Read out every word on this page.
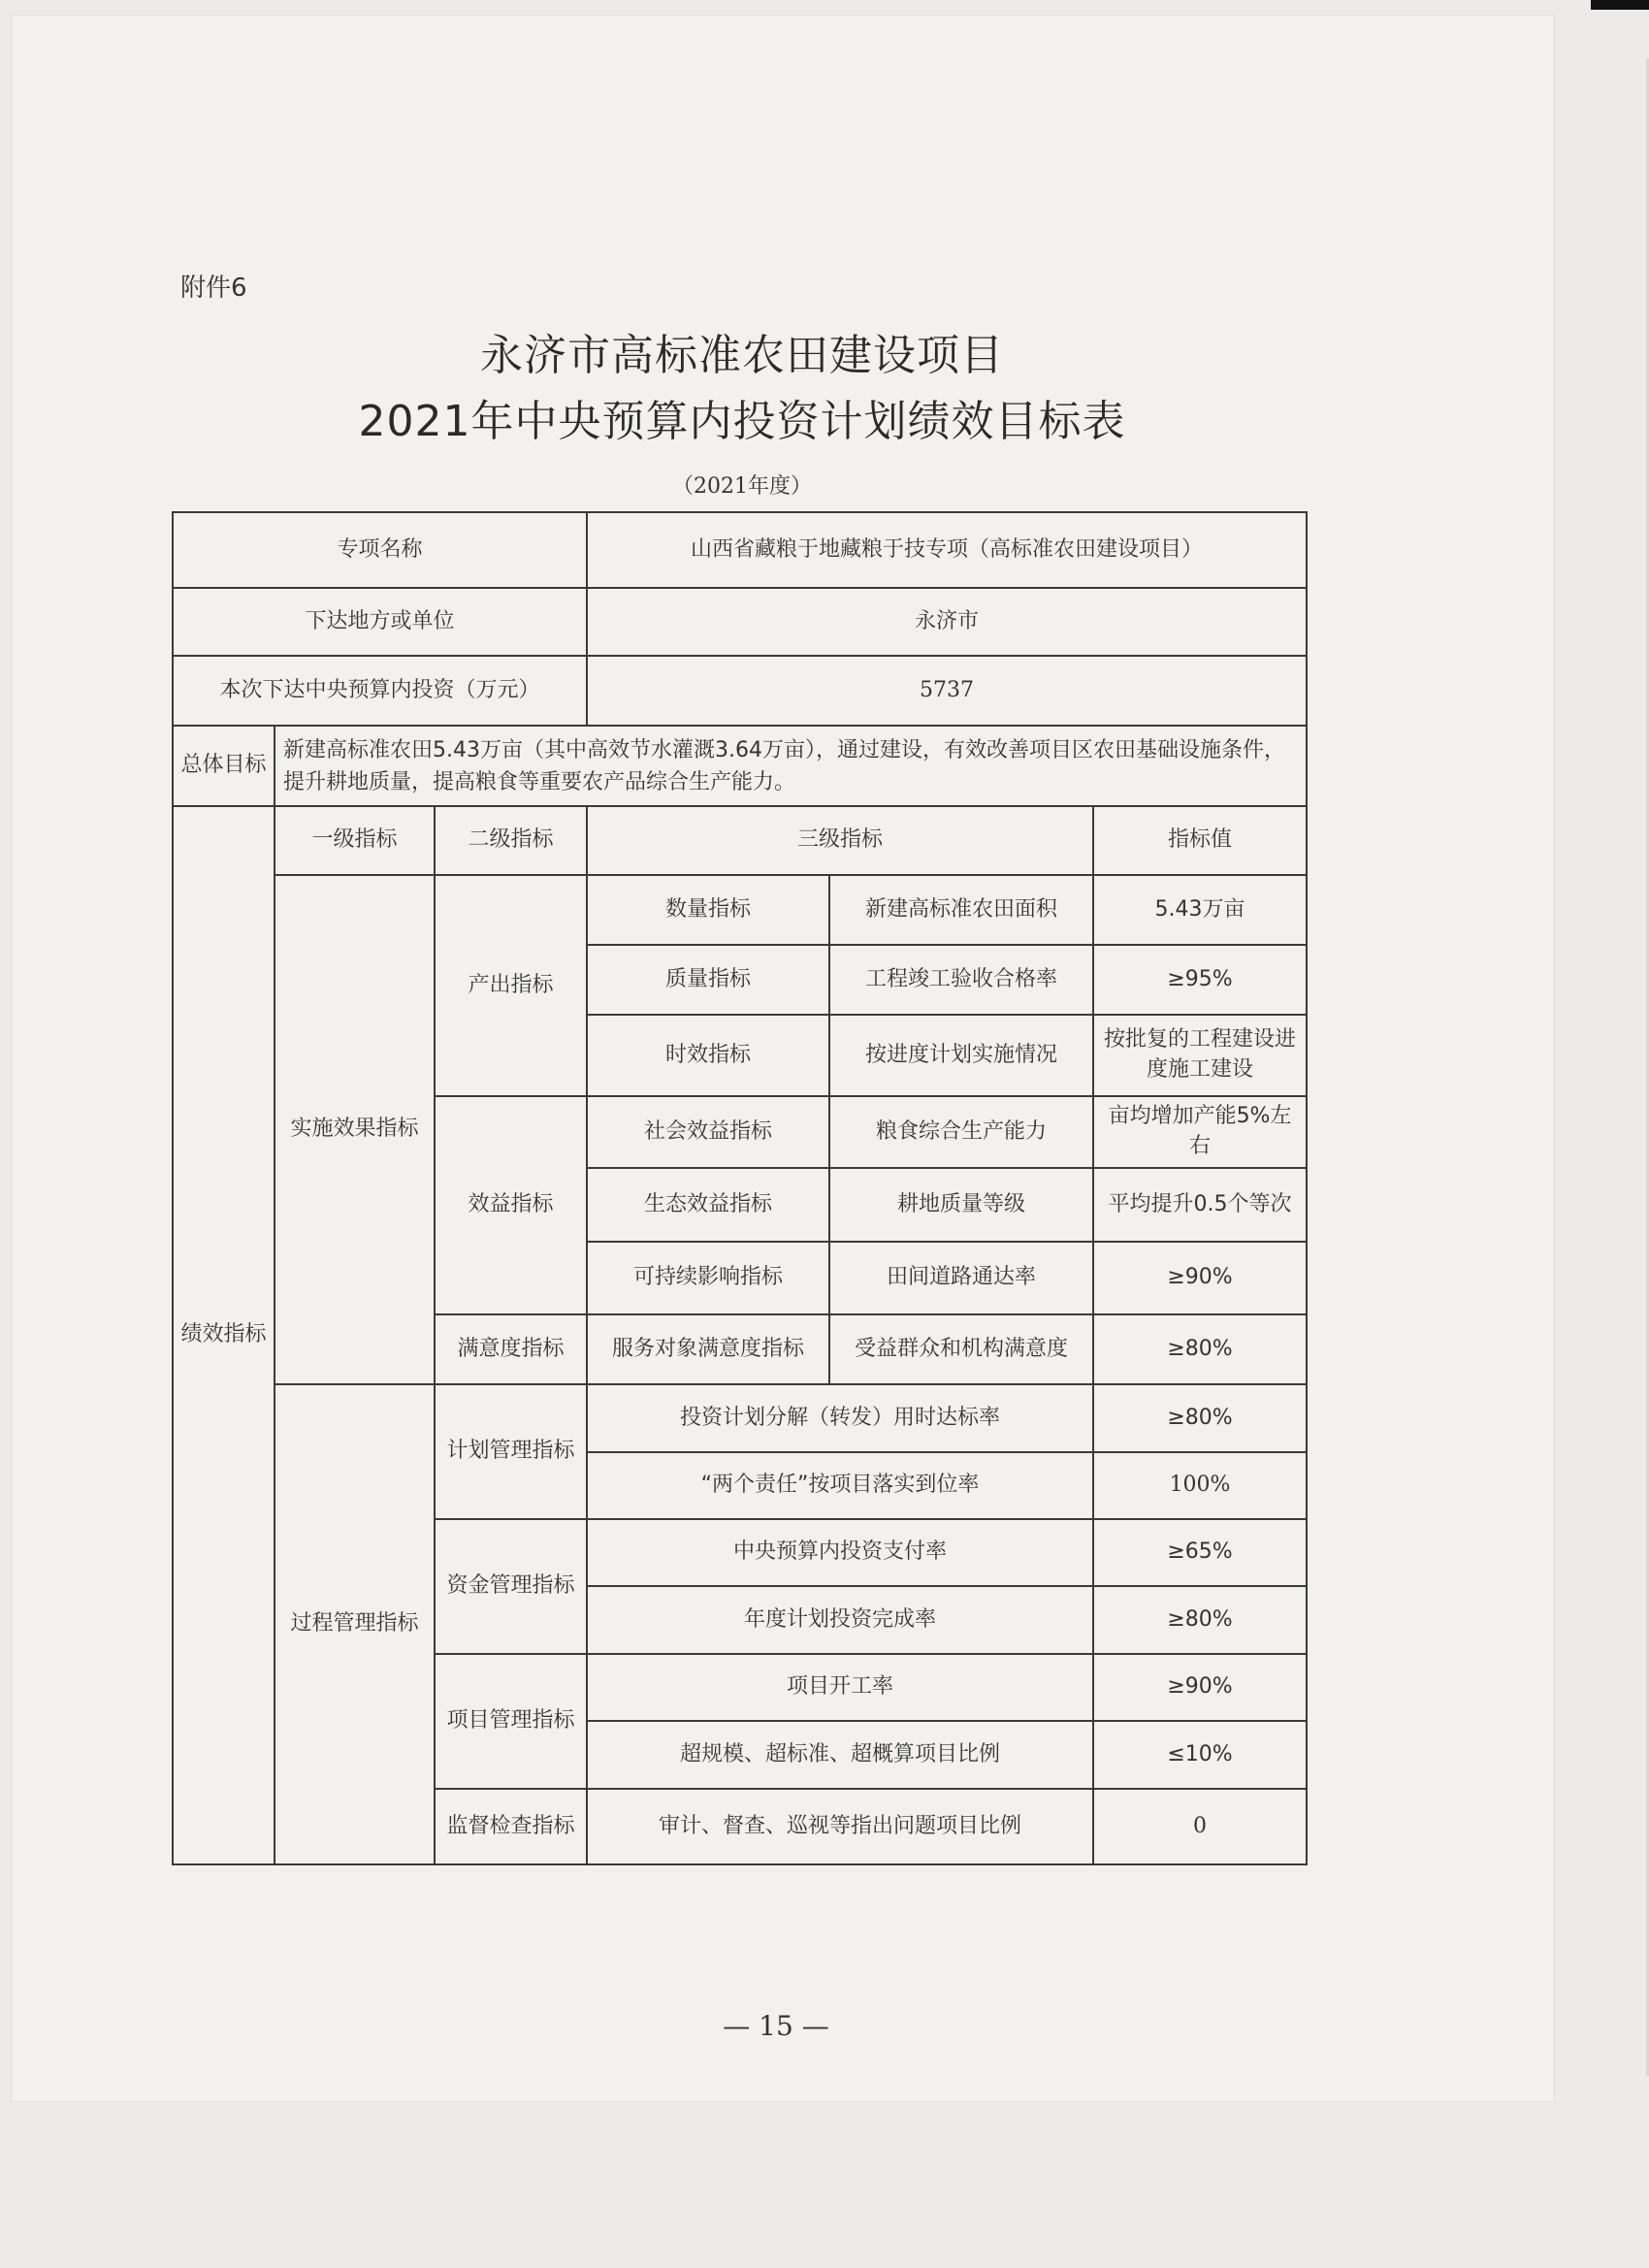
附件6
永济市高标准农田建设项目
2021年中央预算内投资计划绩效目标表
（2021年度）
专项名称			山西省藏粮于地藏粮于技专项（高标准农田建设项目）		
下达地方或单位			永济市		
本次下达中央预算内投资（万元）			5737		
总体目标	新建高标准农田5.43万亩（其中高效节水灌溉3.64万亩），通过建设，有效改善项目区农田基础设施条件，提升耕地质量，提高粮食等重要农产品综合生产能力。				
绩效指标	一级指标	二级指标	三级指标		指标值
	实施效果指标	产出指标	数量指标	新建高标准农田面积	5.43万亩
			质量指标	工程竣工验收合格率	≥95%
			时效指标	按进度计划实施情况	按批复的工程建设进度施工建设
		效益指标	社会效益指标	粮食综合生产能力	亩均增加产能5%左右
			生态效益指标	耕地质量等级	平均提升0.5个等次
			可持续影响指标	田间道路通达率	≥90%
		满意度指标	服务对象满意度指标	受益群众和机构满意度	≥80%
	过程管理指标	计划管理指标	投资计划分解（转发）用时达标率		≥80%
			“两个责任”按项目落实到位率		100%
		资金管理指标	中央预算内投资支付率		≥65%
			年度计划投资完成率		≥80%
		项目管理指标	项目开工率		≥90%
			超规模、超标准、超概算项目比例		≤10%
		监督检查指标	审计、督查、巡视等指出问题项目比例		0
— 15 —
